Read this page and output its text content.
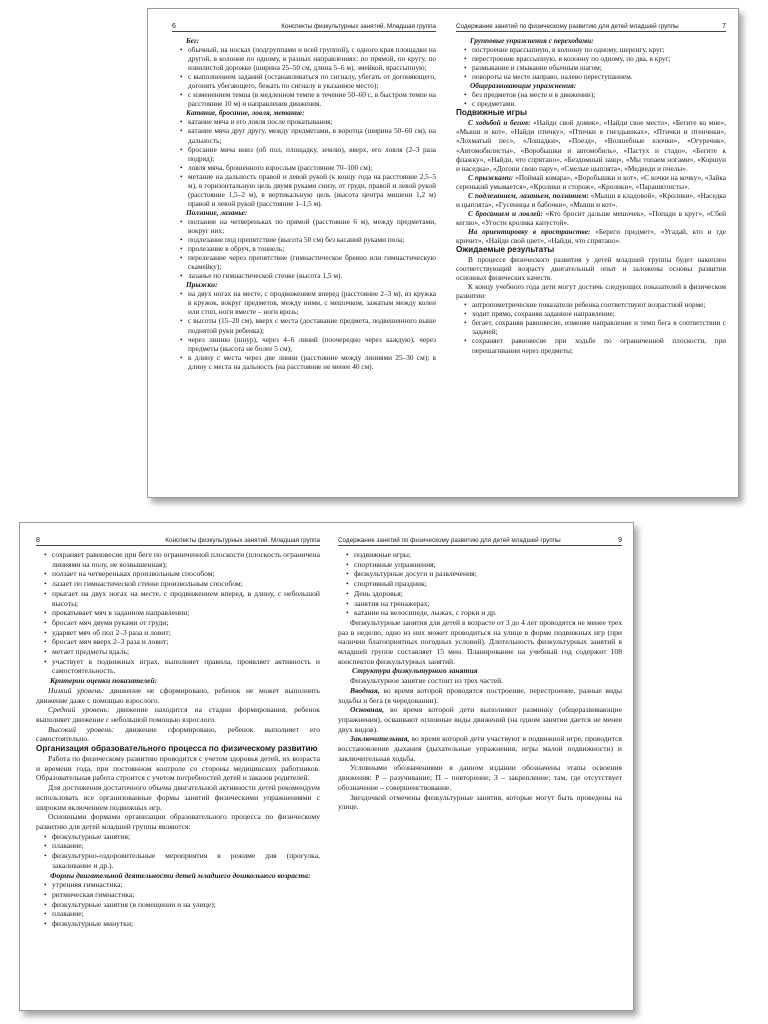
6	Конспекты физкультурных занятий. Младшая группа

Бег:

• обычный, на носках (подгруппами и всей группой), с одного края площадки на другой, в колонне по одному, в разных направлениях: по прямой, по кругу, по извилистой дорожке (ширина 25–50 см, длина 5–6 м), змейкой, врассыпную;

• с выполнением заданий (останавливаться по сигналу, убегать от догоняющего, догонять убегающего, бежать по сигналу в указанное место);

• с изменением темпа (в медленном темпе в течение 50–60 с, в быстром темпе на расстояние 10 м) и направления движения.

Катание, бросание, ловля, метание:

• катание мяча и его ловля после прокатывания;

• катание мяча друг другу, между предметами, в воротца (ширина 50–60 см), на дальность;

• бросание мяча вниз (об пол, площадку, землю), вверх, его ловля (2–3 раза подряд);

• ловля мяча, брошенного взрослым (расстояние 70–100 см);

• метание на дальность правой и левой рукой (к концу года на расстояние 2,5–5 м), в горизонтальную цель двумя руками снизу, от груди, правой и левой рукой (расстояние 1,5–2 м), в вертикальную цель (высота центра мишени 1,2 м) правой и левой рукой (расстояние 1–1,5 м).

Ползание, лазанье:

• ползание на четвереньках по прямой (расстояние 6 м), между предметами, вокруг них;

• подлезание под препятствие (высота 50 см) без касаний руками пола;

• пролезание в обруч, в тоннель;

• перелезание через препятствие (гимнастическое бревно или гимнастическую скамейку);

• лазанье по гимнастической стенке (высота 1,5 м).

Прыжки:

• на двух ногах на месте, с продвижением вперед (расстояние 2–3 м), из кружка в кружок, вокруг предметов, между ними, с мешочком, зажатым между колен или стоп, ноги вместе – ноги врозь;

• с высоты (15–20 см), вверх с места (доставание предмета, подвешенного выше поднятой руки ребенка);

• через линию (шнур), через 4–6 линий (поочередно через каждую), через предметы (высота не более 5 см);

• в длину с места через две линии (расстояние между линиями 25–30 см); в длину с места на дальность (на расстояние не менее 40 см).

Содержание занятий по физическому развитию для детей младшей группы	7

Групповые упражнения с переходами:

• построение врассыпную, в колонну по одному, шеренгу, круг;

• перестроение врассыпную, в колонну по одному, по два, в круг;

• размыкание и смыкание обычным шагом;

• повороты на месте направо, налево переступанием.

Общеразвивающие упражнения:

• без предметов (на месте и в движении);

• с предметами.

Подвижные игры

С ходьбой и бегом: «Найди свой домик», «Найди свое место», «Бегите ко мне», «Мыши и кот», «Найди птичку», «Птички в гнездышках», «Птички и птенчики», «Лохматый пес», «Лошадки», «Поезд», «Волшебные елочки», «Огуречик», «Автомобилисты», «Воробышки и автомобиль», «Пастух и стадо», «Бегите к флажку», «Найди, что спрятано», «Бездомный заяц», «Мы топаем ногами», «Коршун и наседка», «Догони свою пару», «Смелые цыплята», «Медведи и пчелы».

С прыжками: «Поймай комара», «Воробышки и кот», «С кочки на кочку», «Зайка серенький умывается», «Кролики и сторож», «Кролики», «Парашютисты».

С подлезанием, лазаньем, ползанием: «Мыши в кладовой», «Кролики», «Наседка и цыплята», «Гусеницы и бабочки», «Мыши и кот».

С бросанием и ловлей: «Кто бросит дальше мешочек», «Попади в круг», «Сбей кеглю», «Угости кролика капустой».

На ориентировку в пространстве: «Береги предмет», «Угадай, кто и где кричит», «Найди свой цвет», «Найди, что спрятано».

Ожидаемые результаты

В процессе физического развития у детей младшей группы будет накоплен соответствующий возрасту двигательный опыт и заложены основы развития основных физических качеств.

К концу учебного года дети могут достичь следующих показателей в физическом развитии:

• антропометрические показатели ребенка соответствуют возрастной норме;

• ходит прямо, сохраняя заданное направление;

• бегает, сохраняя равновесие, изменяя направление и темп бега в соответствии с задачей;

• сохраняет равновесие при ходьбе по ограниченной плоскости, при перешагивании через предметы;

8	Конспекты физкультурных занятий. Младшая группа

• сохраняет равновесие при беге по ограниченной плоскости (плоскость ограничена линиями на полу, не возвышенная);

• ползает на четвереньках произвольным способом;

• лазает по гимнастической стенке произвольным способом;

• прыгает на двух ногах на месте, с продвижением вперед, в длину, с небольшой высоты;

• прокатывает мяч в заданном направлении;

• бросает мяч двумя руками от груди;

• ударяет мяч об пол 2–3 раза и ловит;

• бросает мяч вверх 2–3 раза и ловит;

• метает предметы вдаль;

• участвует в подвижных играх, выполняет правила, проявляет активность и самостоятельность.

Критерии оценки показателей:

Низкий уровень: движение не сформировано, ребенок не может выполнить движение даже с помощью взрослого.

Средний уровень: движение находится на стадии формирования, ребенок выполняет движение с небольшой помощью взрослого.

Высокий уровень: движение сформировано, ребенок выполняет его самостоятельно.

Организация образовательного процесса по физическому развитию

Работа по физическому развитию проводится с учетом здоровья детей, их возраста и времени года, при постоянном контроле со стороны медицинских работников. Образовательная работа строится с учетом потребностей детей и заказов родителей.

Для достижения достаточного объема двигательной активности детей рекомендуем использовать все организованные формы занятий физическими упражнениями с широким включением подвижных игр.

Основными формами организации образовательного процесса по физическому развитию для детей младшей группы являются:

• физкультурные занятия;

• плавание;

• физкультурно-оздоровительные мероприятия в режиме дня (прогулка, закаливание и др.).

Формы двигательной деятельности детей младшего дошкольного возраста:

• утренняя гимнастика;

• ритмическая гимнастика;

• физкультурные занятия (в помещении и на улице);

• плавание;

• физкультурные минутки;

Содержание занятий по физическому развитию для детей младшей группы	9

• подвижные игры;

• спортивные упражнения;

• физкультурные досуги и развлечения;

• спортивный праздник;

• День здоровья;

• занятия на тренажерах;

• катание на велосипеде, лыжах, с горки и др.

Физкультурные занятия для детей в возрасте от 3 до 4 лет проводятся не менее трех раз в неделю, одно из них может проводиться на улице в форме подвижных игр (при наличии благоприятных погодных условий). Длительность физкультурных занятий в младшей группе составляет 15 мин. Планирование на учебный год содержит 108 конспектов физкультурных занятий.

Структура физкультурного занятия

Физкультурное занятие состоит из трех частей.

Вводная, во время которой проводятся построение, перестроение, разные виды ходьбы и бега (в чередовании).

Основная, во время которой дети выполняют разминку (общеразвивающие упражнения), осваивают основные виды движений (на одном занятии дается не менее двух видов).

Заключительная, во время которой дети участвуют в подвижной игре, проводится восстановление дыхания (дыхательные упражнения, игры малой подвижности) и заключительная ходьба.

Условными обозначениями в данном издании обозначены этапы освоения движения: Р – разучивание; П – повторение; З – закрепление; там, где отсутствует обозначение – совершенствование.

Звездочкой отмечены физкультурные занятия, которые могут быть проведены на улице.
